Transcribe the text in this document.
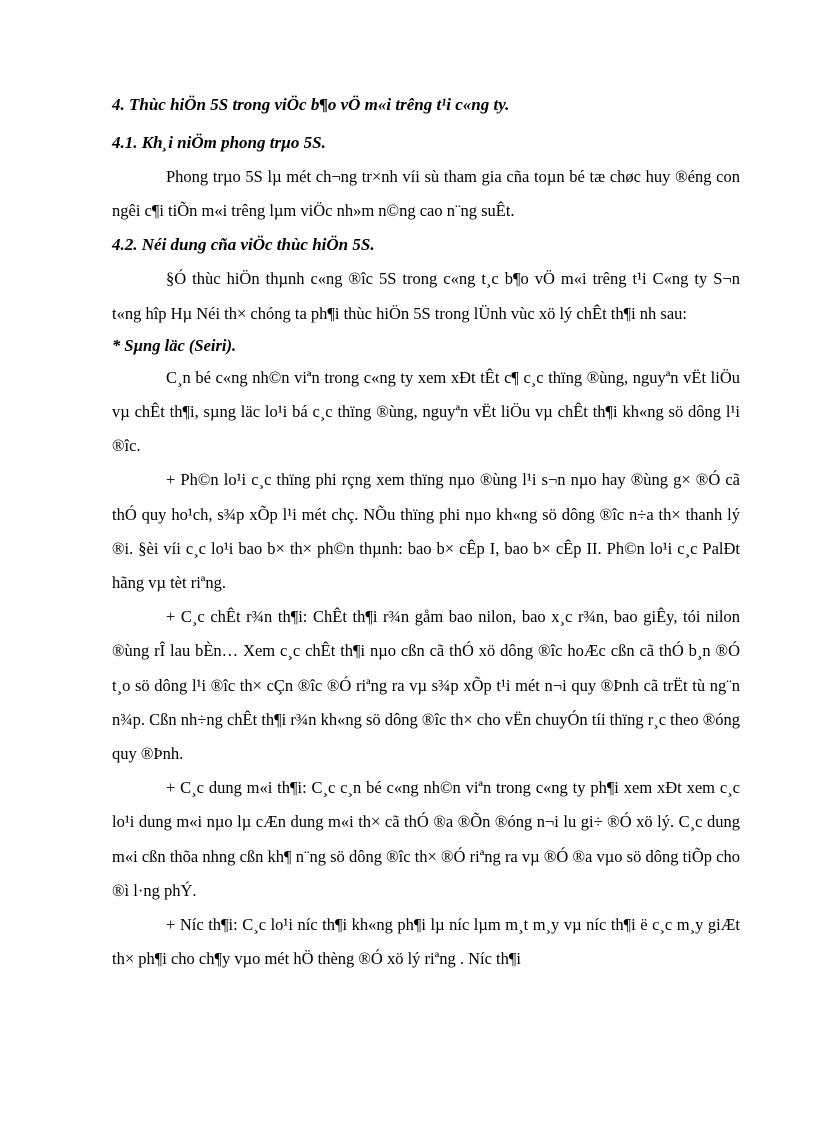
4. Thùc hiÖn 5S trong viÖc b¶o vÖ m«i trêng t¹i c«ng ty.

4.1. Kh¸i niÖm phong trµo 5S.

Phong trµo 5S lµ mét ch¬ng tr×nh víi sù tham gia cña toµn bé tæ chøc huy ®éng con ngêi c¶i tiÕn m«i trêng lµm viÖc nh»m n©ng cao n¨ng suÊt.

4.2. Néi dung cña viÖc thùc hiÖn 5S.

§Ó thùc hiÖn thµnh c«ng ®îc 5S trong c«ng t¸c b¶o vÖ m«i trêng t¹i C«ng ty S¬n t«ng hîp Hµ Néi th× chóng ta ph¶i thùc hiÖn 5S trong lÜnh vùc xö lý chÊt th¶i nh sau:

* Sµng läc (Seiri).

C¸n bé c«ng nh©n viªn trong c«ng ty xem xÐt tÊt c¶ c¸c thïng ®ùng, nguyªn vËt liÖu vµ chÊt th¶i, sµng läc lo¹i bá c¸c thïng ®ùng, nguyªn vËt liÖu vµ chÊt th¶i kh«ng sö dông l¹i ®îc.

+ Ph©n lo¹i c¸c thïng phi rçng xem thïng nµo ®ùng l¹i s¬n nµo hay ®ùng g× ®Ó cã thÓ quy ho¹ch, s¾p xÕp l¹i mét chç. NÕu thïng phi nµo kh«ng sö dông ®îc n÷a th× thanh lý ®i. §èi víi c¸c lo¹i bao b× th× ph©n thµnh: bao b× cÊp I, bao b× cÊp II. Ph©n lo¹i c¸c PalÐt hãng vµ tèt riªng.

+ C¸c chÊt r¾n th¶i: ChÊt th¶i r¾n gåm bao nilon, bao x¸c r¾n, bao giÊy, tói nilon ®ùng rÎ lau bÈn… Xem c¸c chÊt th¶i nµo cßn cã thÓ xö dông ®îc hoÆc cßn cã thÓ b¸n ®Ó t¸o sö dông l¹i ®îc th× cÇn ®îc ®Ó riªng ra vµ s¾p xÕp t¹i mét n¬i quy ®Þnh cã trËt tù ng¨n n¾p. Cßn nh÷ng chÊt th¶i r¾n kh«ng sö dông ®îc th× cho vËn chuyÓn tíi thïng r¸c theo ®óng quy ®Þnh.

+ C¸c dung m«i th¶i: C¸c c¸n bé c«ng nh©n viªn trong c«ng ty ph¶i xem xÐt xem c¸c lo¹i dung m«i nµo lµ cÆn dung m«i th× cã thÓ ®a ®Õn ®óng n¬i lu gi÷ ®Ó xö lý. C¸c dung m«i cßn thõa nhng cßn kh¶ n¨ng sö dông ®îc th× ®Ó riªng ra vµ ®Ó ®a vµo sö dông tiÕp cho ®ì l·ng phÝ.

+ Níc th¶i: C¸c lo¹i níc th¶i kh«ng ph¶i lµ níc lµm m¸t m¸y vµ níc th¶i ë c¸c m¸y giÆt th× ph¶i cho ch¶y vµo mét hÖ thèng ®Ó xö lý riªng . Níc th¶i
